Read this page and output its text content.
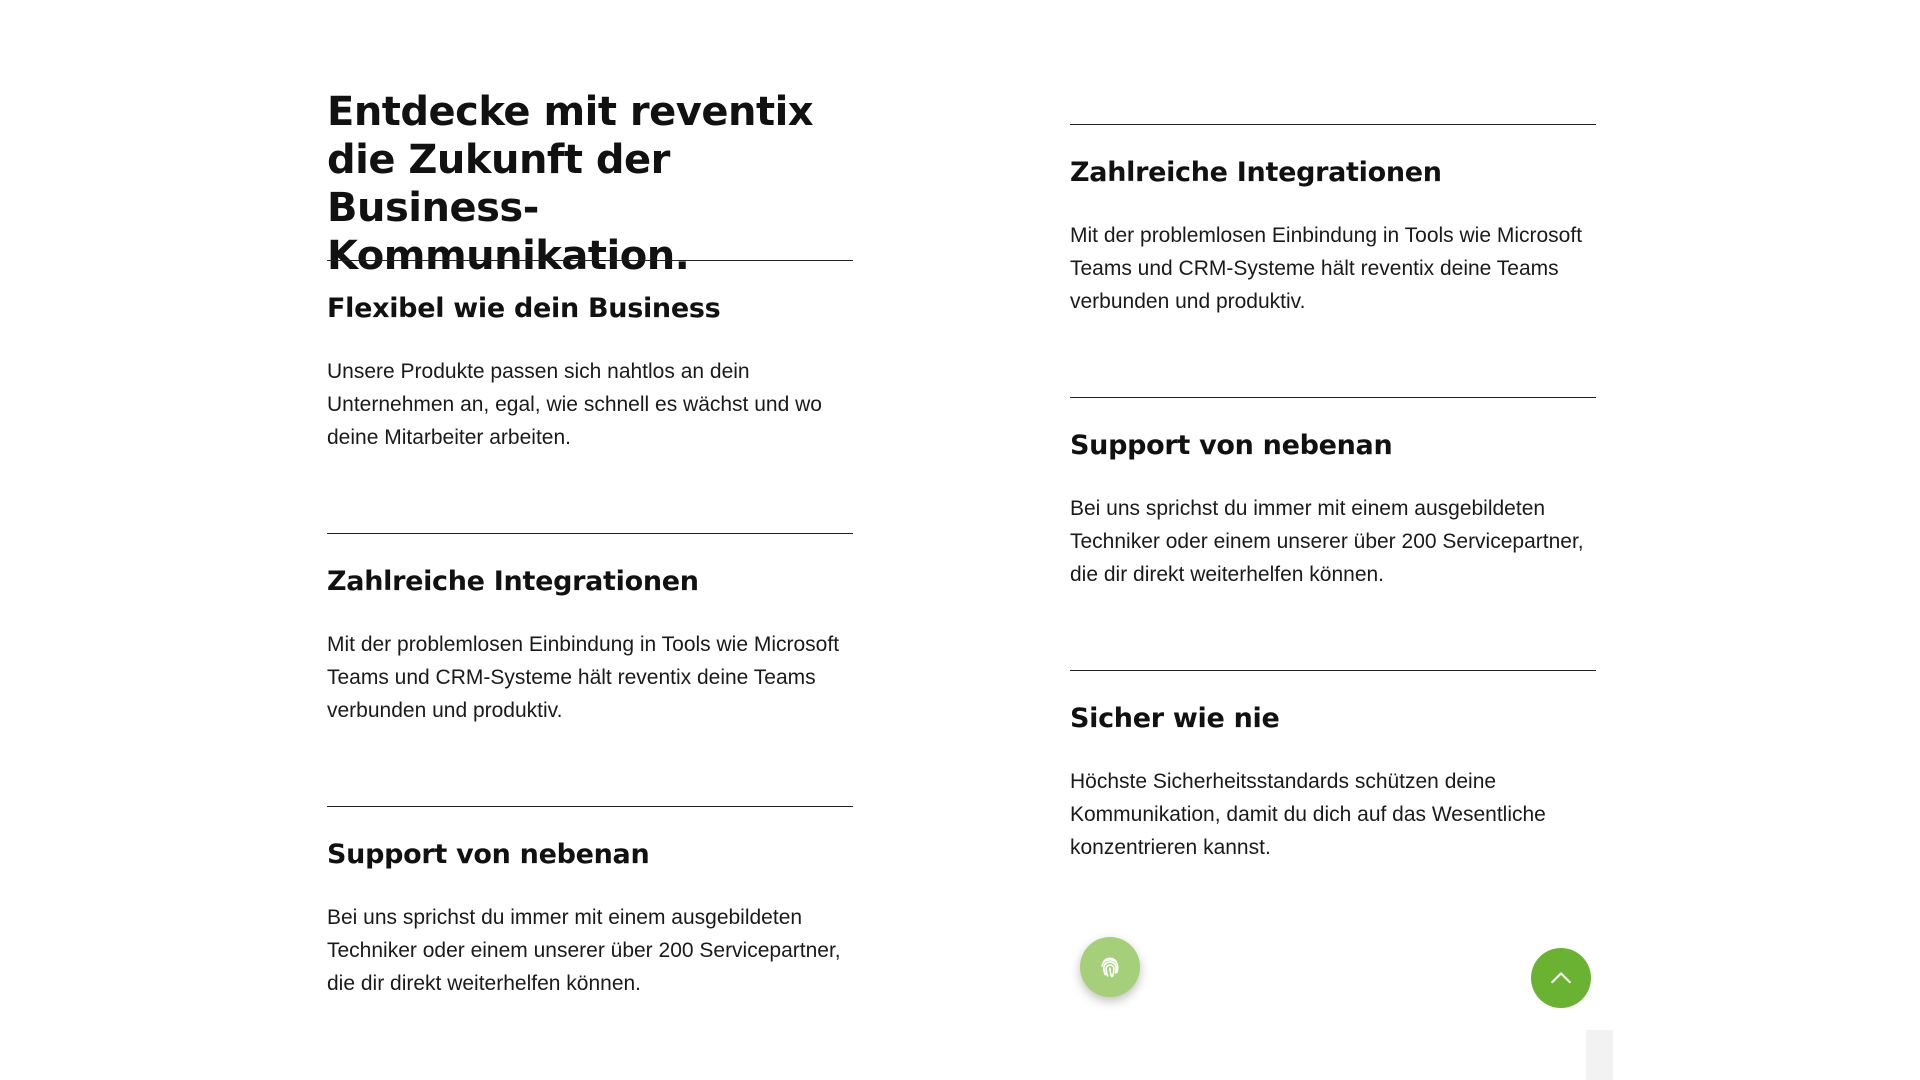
Entdecke mit reventix die Zukunft der Business-Kommunikation.
Flexibel wie dein Business

Unsere Produkte passen sich nahtlos an dein Unternehmen an, egal, wie schnell es wächst und wo deine Mitarbeiter arbeiten.

Zahlreiche Integrationen

Mit der problemlosen Einbindung in Tools wie Microsoft Teams und CRM-Systeme hält reventix deine Teams verbunden und produktiv.

Support von nebenan

Bei uns sprichst du immer mit einem ausgebildeten Techniker oder einem unserer über 200 Servicepartner, die dir direkt weiterhelfen können.

Zahlreiche Integrationen

Mit der problemlosen Einbindung in Tools wie Microsoft Teams und CRM-Systeme hält reventix deine Teams verbunden und produktiv.

Support von nebenan

Bei uns sprichst du immer mit einem ausgebildeten Techniker oder einem unserer über 200 Servicepartner, die dir direkt weiterhelfen können.

Sicher wie nie

Höchste Sicherheitsstandards schützen deine Kommunikation, damit du dich auf das Wesentliche konzentrieren kannst.
